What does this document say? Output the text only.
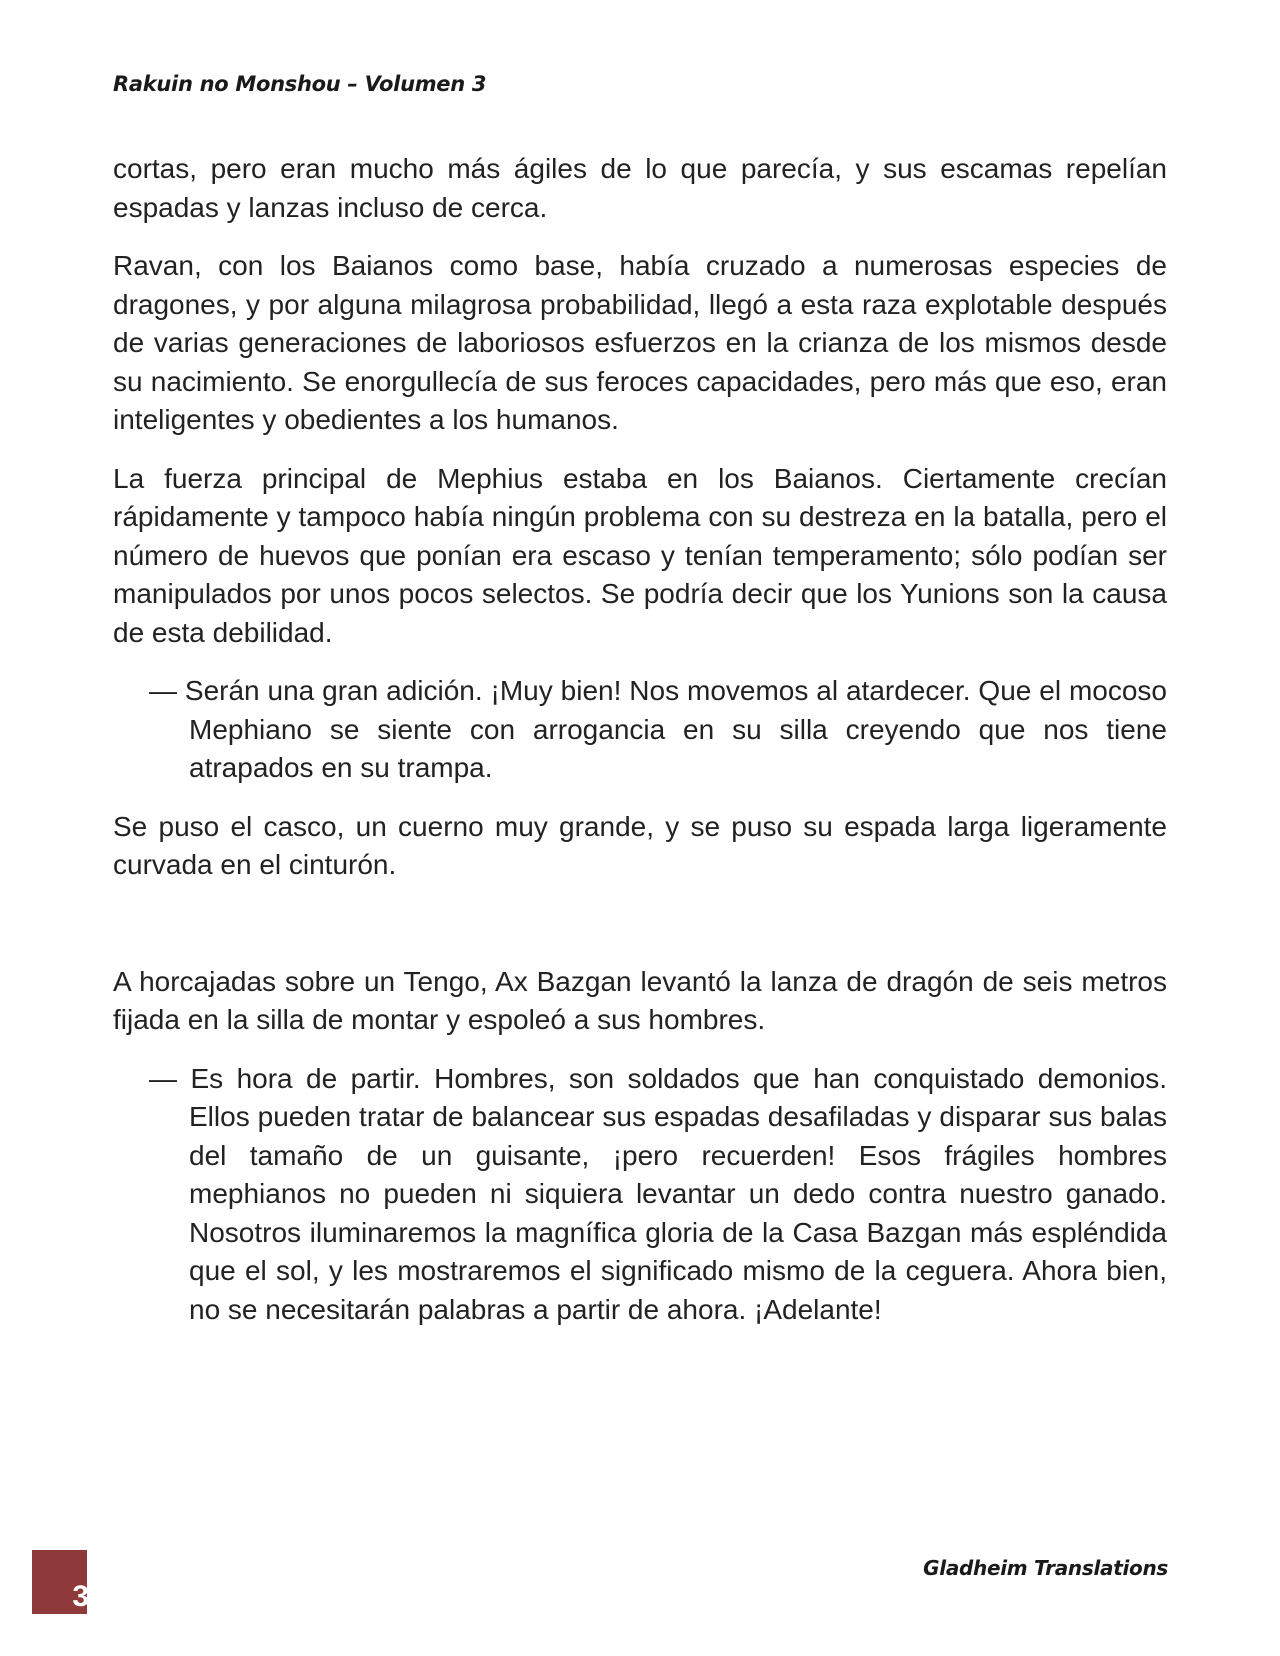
Rakuin no Monshou – Volumen 3

cortas, pero eran mucho más ágiles de lo que parecía, y sus escamas repelían espadas y lanzas incluso de cerca.

Ravan, con los Baianos como base, había cruzado a numerosas especies de dragones, y por alguna milagrosa probabilidad, llegó a esta raza explotable después de varias generaciones de laboriosos esfuerzos en la crianza de los mismos desde su nacimiento. Se enorgullecía de sus feroces capacidades, pero más que eso, eran inteligentes y obedientes a los humanos.

La fuerza principal de Mephius estaba en los Baianos. Ciertamente crecían rápidamente y tampoco había ningún problema con su destreza en la batalla, pero el número de huevos que ponían era escaso y tenían temperamento; sólo podían ser manipulados por unos pocos selectos. Se podría decir que los Yunions son la causa de esta debilidad.

— Serán una gran adición. ¡Muy bien! Nos movemos al atardecer. Que el mocoso Mephiano se siente con arrogancia en su silla creyendo que nos tiene atrapados en su trampa.

Se puso el casco, un cuerno muy grande, y se puso su espada larga ligeramente curvada en el cinturón.

A horcajadas sobre un Tengo, Ax Bazgan levantó la lanza de dragón de seis metros fijada en la silla de montar y espoleó a sus hombres.

— Es hora de partir. Hombres, son soldados que han conquistado demonios. Ellos pueden tratar de balancear sus espadas desafiladas y disparar sus balas del tamaño de un guisante, ¡pero recuerden! Esos frágiles hombres mephianos no pueden ni siquiera levantar un dedo contra nuestro ganado. Nosotros iluminaremos la magnífica gloria de la Casa Bazgan más espléndida que el sol, y les mostraremos el significado mismo de la ceguera. Ahora bien, no se necesitarán palabras a partir de ahora. ¡Adelante!

3
Gladheim Translations
